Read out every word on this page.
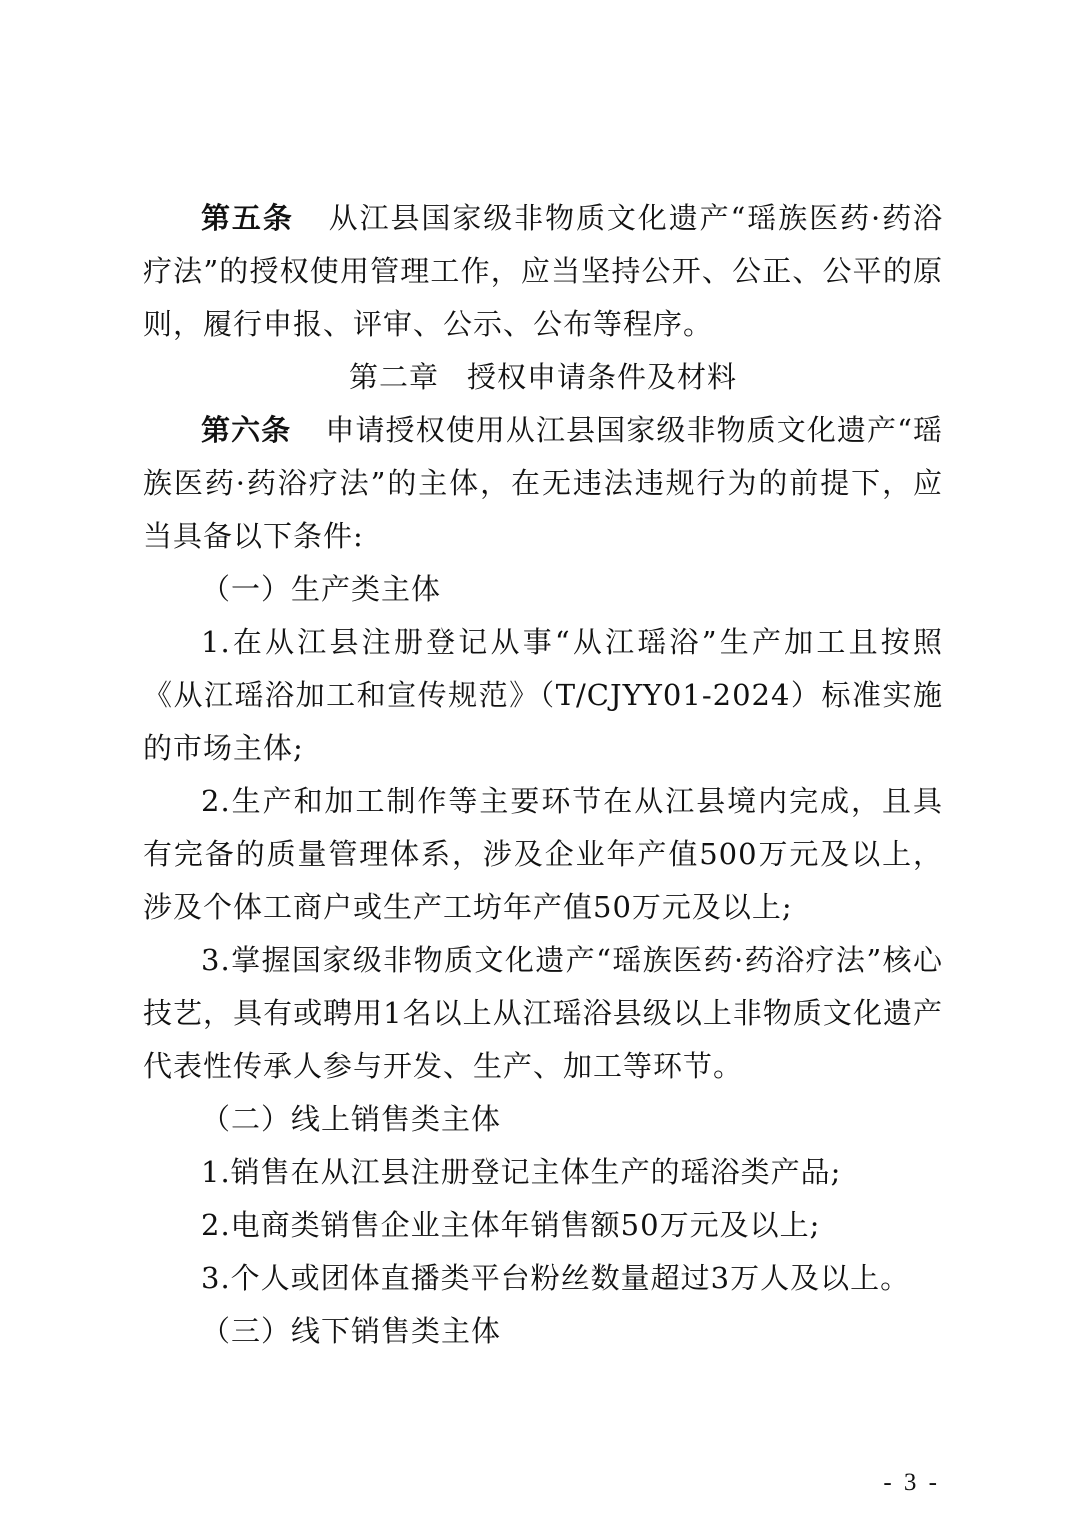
第五条 从江县国家级非物质文化遗产“瑶族医药·药浴疗法”的授权使用管理工作，应当坚持公开、公正、公平的原则，履行申报、评审、公示、公布等程序。

第二章 授权申请条件及材料

第六条 申请授权使用从江县国家级非物质文化遗产“瑶族医药·药浴疗法”的主体，在无违法违规行为的前提下，应当具备以下条件:

（一）生产类主体

1.在从江县注册登记从事“从江瑶浴”生产加工且按照《从江瑶浴加工和宣传规范》（T/CJYY01-2024）标准实施的市场主体;

2.生产和加工制作等主要环节在从江县境内完成，且具有完备的质量管理体系，涉及企业年产值500万元及以上，涉及个体工商户或生产工坊年产值50万元及以上;

3.掌握国家级非物质文化遗产“瑶族医药·药浴疗法”核心技艺，具有或聘用1名以上从江瑶浴县级以上非物质文化遗产代表性传承人参与开发、生产、加工等环节。

（二）线上销售类主体

1.销售在从江县注册登记主体生产的瑶浴类产品;

2.电商类销售企业主体年销售额50万元及以上;

3.个人或团体直播类平台粉丝数量超过3万人及以上。

（三）线下销售类主体

- 3 -
